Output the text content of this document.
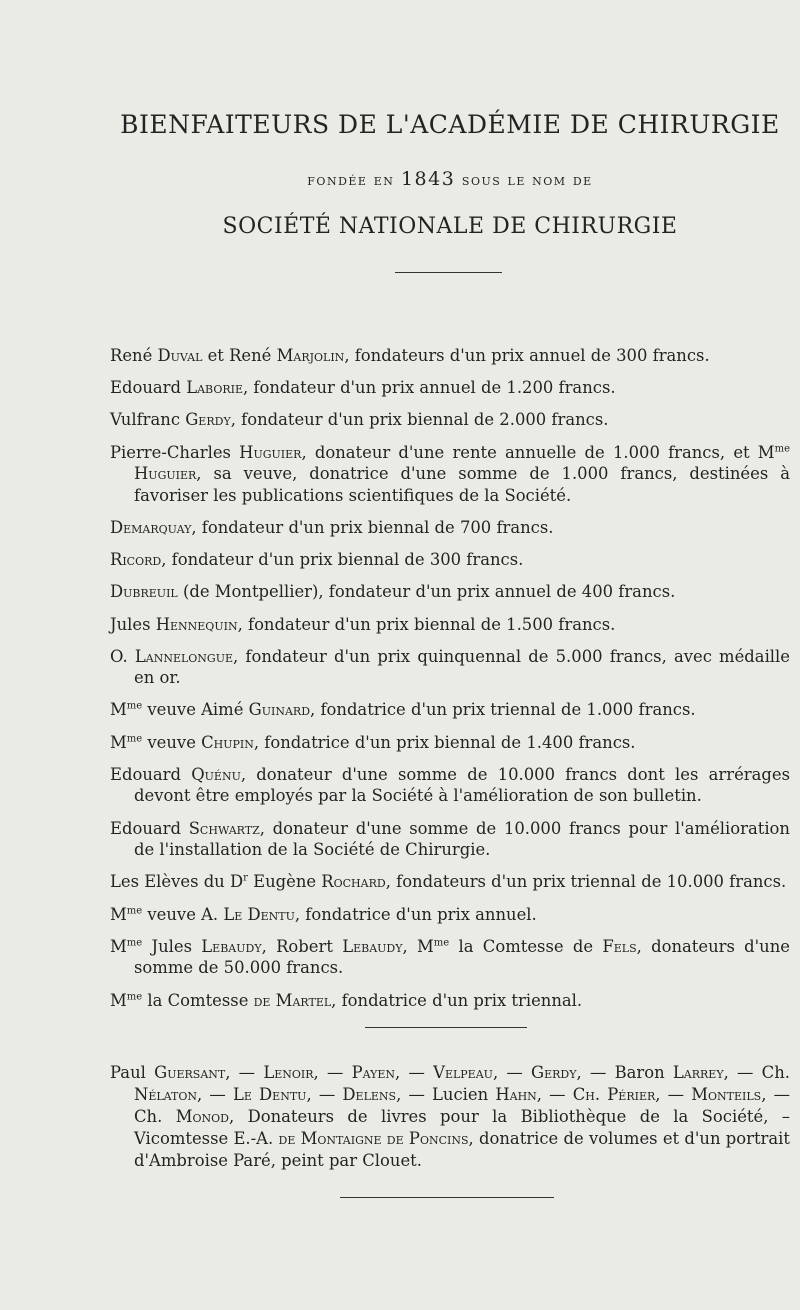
BIENFAITEURS DE L'ACADÉMIE DE CHIRURGIE
fondée en 1843 sous le nom de
SOCIÉTÉ NATIONALE DE CHIRURGIE

René Duval et René Marjolin, fondateurs d'un prix annuel de 300 francs.

Edouard Laborie, fondateur d'un prix annuel de 1.200 francs.

Vulfranc Gerdy, fondateur d'un prix biennal de 2.000 francs.

Pierre-Charles Huguier, donateur d'une rente annuelle de 1.000 francs, et $M^{me}$ Huguier, sa veuve, donatrice d'une somme de 1.000 francs, destinées à favoriser les publications scientifiques de la Société.

Demarquay, fondateur d'un prix biennal de 700 francs.

Ricord, fondateur d'un prix biennal de 300 francs.

Dubreuil (de Montpellier), fondateur d'un prix annuel de 400 francs.

Jules Hennequin, fondateur d'un prix biennal de 1.500 francs.

O. Lannelongue, fondateur d'un prix quinquennal de 5.000 francs, avec médaille en or.

$M^{me}$ veuve Aimé Guinard, fondatrice d'un prix triennal de 1.000 francs.

$M^{me}$ veuve Chupin, fondatrice d'un prix biennal de 1.400 francs.

Edouard Quénu, donateur d'une somme de 10.000 francs dont les arrérages devont être employés par la Société à l'amélioration de son bulletin.

Edouard Schwartz, donateur d'une somme de 10.000 francs pour l'amélioration de l'installation de la Société de Chirurgie.

Les Elèves du $D^r$ Eugène Rochard, fondateurs d'un prix triennal de 10.000 francs.

$M^{me}$ veuve A. Le Dentu, fondatrice d'un prix annuel.

$M^{me}$ Jules Lebaudy, Robert Lebaudy, $M^{me}$ la Comtesse de Fels, donateurs d'une somme de 50.000 francs.

$M^{me}$ la Comtesse de Martel, fondatrice d'un prix triennal.

Paul Guersant, — Lenoir, — Payen, — Velpeau, — Gerdy, — Baron Larrey, — Ch. Nélaton, — Le Dentu, — Delens, — Lucien Hahn, — Ch. Périer, — Monteils, — Ch. Monod, Donateurs de livres pour la Bibliothèque de la Société, – Vicomtesse E.-A. de Montaigne de Poncins, donatrice de volumes et d'un portrait d'Ambroise Paré, peint par Clouet.
